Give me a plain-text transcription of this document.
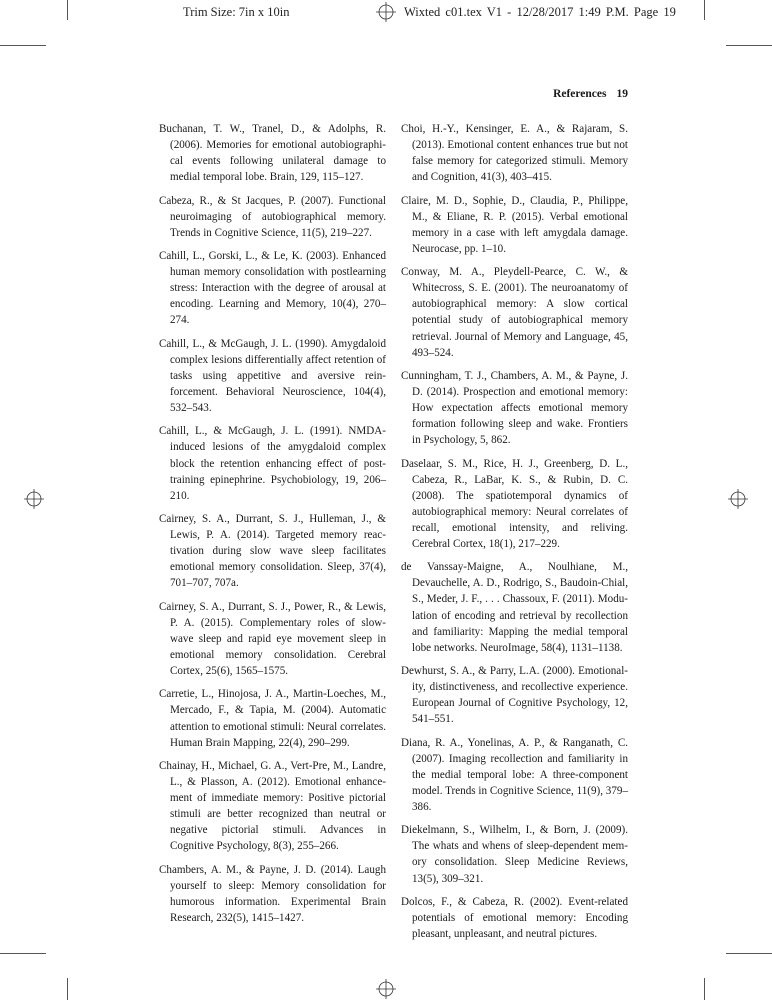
Trim Size: 7in x 10in	Wixted c01.tex V1 - 12/28/2017 1:49 P.M. Page 19
References 19

Buchanan, T. W., Tranel, D., & Adolphs, R. (2006). Memories for emotional autobiographical events following unilateral damage to medial temporal lobe. Brain, 129, 115–127.

Cabeza, R., & St Jacques, P. (2007). Functional neuroimaging of autobiographical memory. Trends in Cognitive Science, 11(5), 219–227.

Cahill, L., Gorski, L., & Le, K. (2003). Enhanced human memory consolidation with postlearning stress: Interaction with the degree of arousal at encoding. Learning and Memory, 10(4), 270–274.

Cahill, L., & McGaugh, J. L. (1990). Amygdaloid complex lesions differentially affect retention of tasks using appetitive and aversive reinforcement. Behavioral Neuroscience, 104(4), 532–543.

Cahill, L., & McGaugh, J. L. (1991). NMDAinduced lesions of the amygdaloid complex block the retention enhancing effect of posttraining epinephrine. Psychobiology, 19, 206–210.

Cairney, S. A., Durrant, S. J., Hulleman, J., & Lewis, P. A. (2014). Targeted memory reactivation during slow wave sleep facilitates emotional memory consolidation. Sleep, 37(4), 701–707, 707a.

Cairney, S. A., Durrant, S. J., Power, R., & Lewis, P. A. (2015). Complementary roles of slow-wave sleep and rapid eye movement sleep in emotional memory consolidation. Cerebral Cortex, 25(6), 1565–1575.

Carretie, L., Hinojosa, J. A., Martin-Loeches, M., Mercado, F., & Tapia, M. (2004). Automatic attention to emotional stimuli: Neural correlates. Human Brain Mapping, 22(4), 290–299.

Chainay, H., Michael, G. A., Vert-Pre, M., Landre, L., & Plasson, A. (2012). Emotional enhancement of immediate memory: Positive pictorial stimuli are better recognized than neutral or negative pictorial stimuli. Advances in Cognitive Psychology, 8(3), 255–266.

Chambers, A. M., & Payne, J. D. (2014). Laugh yourself to sleep: Memory consolidation for humorous information. Experimental Brain Research, 232(5), 1415–1427.

Choi, H.-Y., Kensinger, E. A., & Rajaram, S. (2013). Emotional content enhances true but not false memory for categorized stimuli. Memory and Cognition, 41(3), 403–415.

Claire, M. D., Sophie, D., Claudia, P., Philippe, M., & Eliane, R. P. (2015). Verbal emotional memory in a case with left amygdala damage. Neurocase, pp. 1–10.

Conway, M. A., Pleydell-Pearce, C. W., & Whitecross, S. E. (2001). The neuroanatomy of autobiographical memory: A slow cortical potential study of autobiographical memory retrieval. Journal of Memory and Language, 45, 493–524.

Cunningham, T. J., Chambers, A. M., & Payne, J. D. (2014). Prospection and emotional memory: How expectation affects emotional memory formation following sleep and wake. Frontiers in Psychology, 5, 862.

Daselaar, S. M., Rice, H. J., Greenberg, D. L., Cabeza, R., LaBar, K. S., & Rubin, D. C. (2008). The spatiotemporal dynamics of autobiographical memory: Neural correlates of recall, emotional intensity, and reliving. Cerebral Cortex, 18(1), 217–229.

de Vanssay-Maigne, A., Noulhiane, M., Devauchelle, A. D., Rodrigo, S., Baudoin-Chial, S., Meder, J. F., . . . Chassoux, F. (2011). Modulation of encoding and retrieval by recollection and familiarity: Mapping the medial temporal lobe networks. NeuroImage, 58(4), 1131–1138.

Dewhurst, S. A., & Parry, L.A. (2000). Emotionality, distinctiveness, and recollective experience. European Journal of Cognitive Psychology, 12, 541–551.

Diana, R. A., Yonelinas, A. P., & Ranganath, C. (2007). Imaging recollection and familiarity in the medial temporal lobe: A three-component model. Trends in Cognitive Science, 11(9), 379–386.

Diekelmann, S., Wilhelm, I., & Born, J. (2009). The whats and whens of sleep-dependent memory consolidation. Sleep Medicine Reviews, 13(5), 309–321.

Dolcos, F., & Cabeza, R. (2002). Event-related potentials of emotional memory: Encoding pleasant, unpleasant, and neutral pictures.
